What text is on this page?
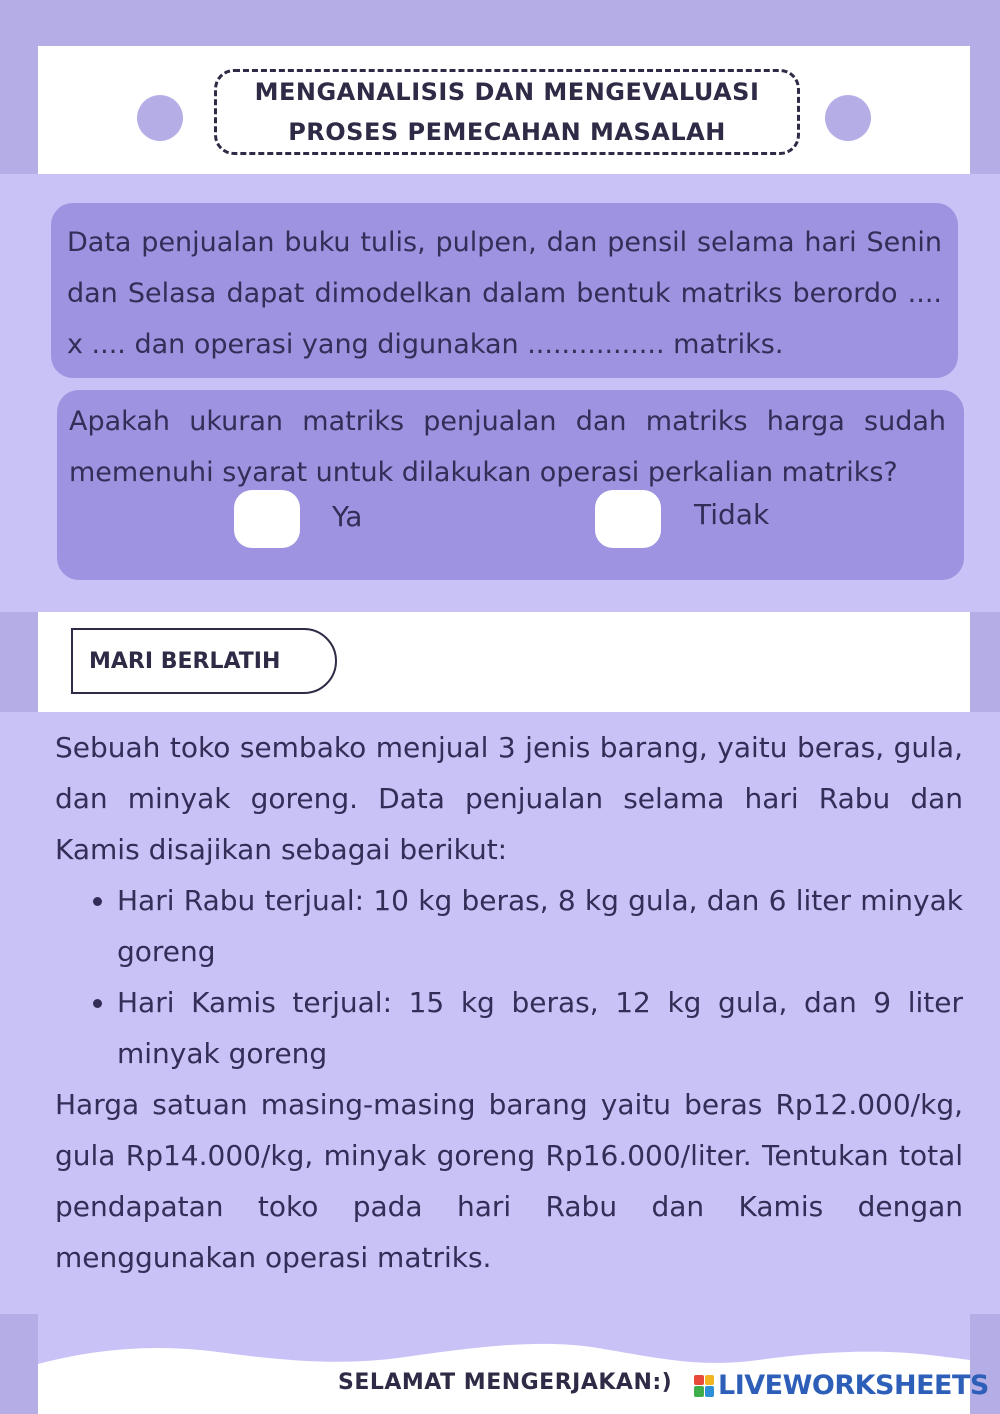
MENGANALISIS DAN MENGEVALUASI
PROSES PEMECAHAN MASALAH
Data penjualan buku tulis, pulpen, dan pensil selama hari Senin dan Selasa dapat dimodelkan dalam bentuk matriks berordo .... x .... dan operasi yang digunakan ................ matriks.
Apakah ukuran matriks penjualan dan matriks harga sudah memenuhi syarat untuk dilakukan operasi perkalian matriks?
Ya	Tidak
MARI BERLATIH

Sebuah toko sembako menjual 3 jenis barang, yaitu beras, gula, dan minyak goreng. Data penjualan selama hari Rabu dan Kamis disajikan sebagai berikut:

• Hari Rabu terjual: 10 kg beras, 8 kg gula, dan 6 liter minyak goreng
• Hari Kamis terjual: 15 kg beras, 12 kg gula, dan 9 liter minyak goreng

Harga satuan masing-masing barang yaitu beras Rp12.000/kg, gula Rp14.000/kg, minyak goreng Rp16.000/liter. Tentukan total pendapatan toko pada hari Rabu dan Kamis dengan menggunakan operasi matriks.

SELAMAT MENGERJAKAN:) LIVEWORKSHEETS
